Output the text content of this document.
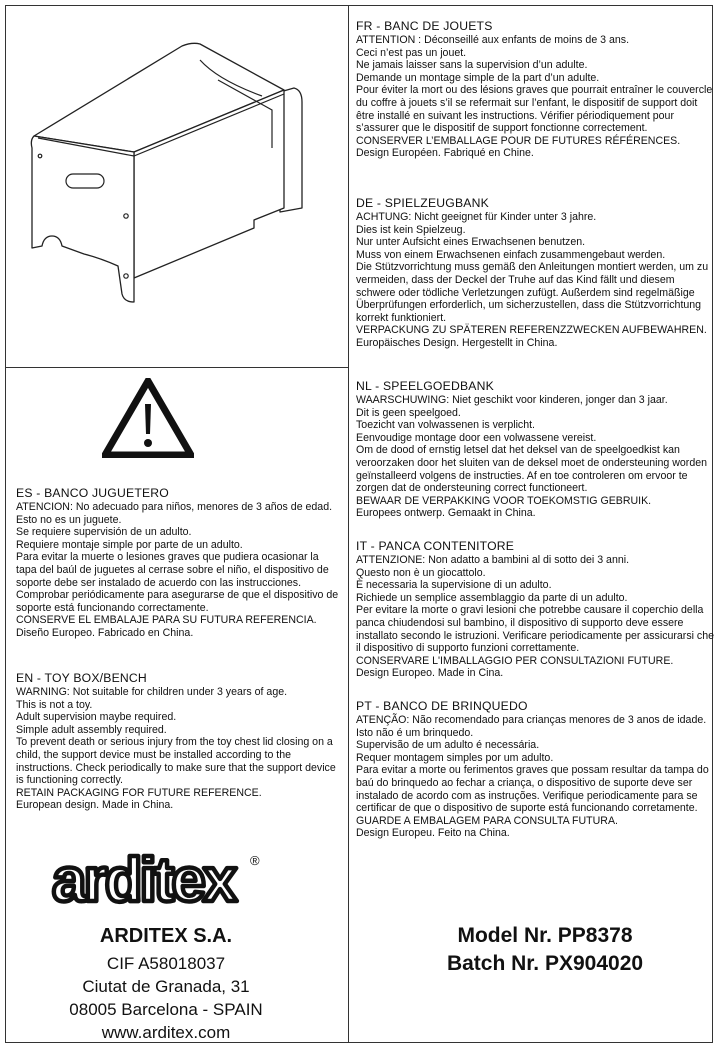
FR - BANC DE JOUETS
ATTENTION : Déconseillé aux enfants de moins de 3 ans.
Ceci n’est pas un jouet.
Ne jamais laisser sans la supervision d’un adulte.
Demande un montage simple de la part d’un adulte.
Pour éviter la mort ou des lésions graves que pourrait entraîner le couvercle du coffre à jouets s’il se refermait sur l’enfant, le dispositif de support doit être installé en suivant les instructions. Vérifier périodiquement pour s’assurer que le dispositif de support fonctionne correctement.
CONSERVER L’EMBALLAGE POUR DE FUTURES RÉFÉRENCES.
Design Européen. Fabriqué en Chine.
DE - SPIELZEUGBANK
ACHTUNG: Nicht geeignet für Kinder unter 3 jahre.
Dies ist kein Spielzeug.
Nur unter Aufsicht eines Erwachsenen benutzen.
Muss von einem Erwachsenen einfach zusammengebaut werden.
Die Stützvorrichtung muss gemäß den Anleitungen montiert werden, um zu vermeiden, dass der Deckel der Truhe auf das Kind fällt und diesem schwere oder tödliche Verletzungen zufügt. Außerdem sind regelmäßige Überprüfungen erforderlich, um sicherzustellen, dass die Stützvorrichtung korrekt funktioniert.
VERPACKUNG ZU SPÄTEREN REFERENZZWECKEN AUFBEWAHREN.
Europäisches Design. Hergestellt in China.
NL - SPEELGOEDBANK
WAARSCHUWING: Niet geschikt voor kinderen, jonger dan 3 jaar.
Dit is geen speelgoed.
Toezicht van volwassenen is verplicht.
Eenvoudige montage door een volwassene vereist.
Om de dood of ernstig letsel dat het deksel van de speelgoedkist kan veroorzaken door het sluiten van de deksel moet de ondersteuning worden geïnstalleerd volgens de instructies. Af en toe controleren om ervoor te zorgen dat de ondersteuning correct functioneert.
BEWAAR DE VERPAKKING VOOR TOEKOMSTIG GEBRUIK.
Europees ontwerp. Gemaakt in China.
IT - PANCA CONTENITORE
ATTENZIONE: Non adatto a bambini al di sotto dei 3 anni.
Questo non è un giocattolo.
È necessaria la supervisione di un adulto.
Richiede un semplice assemblaggio da parte di un adulto.
Per evitare la morte o gravi lesioni che potrebbe causare il coperchio della panca chiudendosi sul bambino, il dispositivo di supporto deve essere installato secondo le istruzioni. Verificare periodicamente per assicurarsi che il dispositivo di supporto funzioni correttamente.
CONSERVARE L'IMBALLAGGIO PER CONSULTAZIONI FUTURE.
Design Europeo. Made in Cina.
PT - BANCO DE BRINQUEDO
ATENÇÃO: Não recomendado para crianças menores de 3 anos de idade.
Isto não é um brinquedo.
Supervisão de um adulto é necessária.
Requer montagem simples por um adulto.
Para evitar a morte ou ferimentos graves que possam resultar da tampa do baú do brinquedo ao fechar a criança, o dispositivo de suporte deve ser instalado de acordo com as instruções. Verifique periodicamente para se certificar de que o dispositivo de suporte está funcionando corretamente.
GUARDE A EMBALAGEM PARA CONSULTA FUTURA.
Design Europeu. Feito na China.
ES - BANCO JUGUETERO
ATENCION: No adecuado para niños, menores de 3 años de edad.
Esto no es un juguete.
Se requiere supervisión de un adulto.
Requiere montaje simple por parte de un adulto.
Para evitar la muerte o lesiones graves que pudiera ocasionar la tapa del baúl de juguetes al cerrase sobre el niño, el dispositivo de soporte debe ser instalado de acuerdo con las instrucciones.
Comprobar periódicamente para asegurarse de que el dispositivo de soporte está funcionando correctamente.
CONSERVE EL EMBALAJE PARA SU FUTURA REFERENCIA.
Diseño Europeo. Fabricado en China.
EN - TOY BOX/BENCH
WARNING: Not suitable for children under 3 years of age.
This is not a toy.
Adult supervision maybe required.
Simple adult assembly required.
To prevent death or serious injury from the toy chest lid closing on a child, the support device must be installed according to the instructions. Check periodically to make sure that the support device is functioning correctly.
RETAIN PACKAGING FOR FUTURE REFERENCE.
European design. Made in China.
arditex ®
ARDITEX S.A.
CIF A58018037
Ciutat de Granada, 31
08005 Barcelona - SPAIN
www.arditex.com
Model Nr. PP8378
Batch Nr. PX904020
